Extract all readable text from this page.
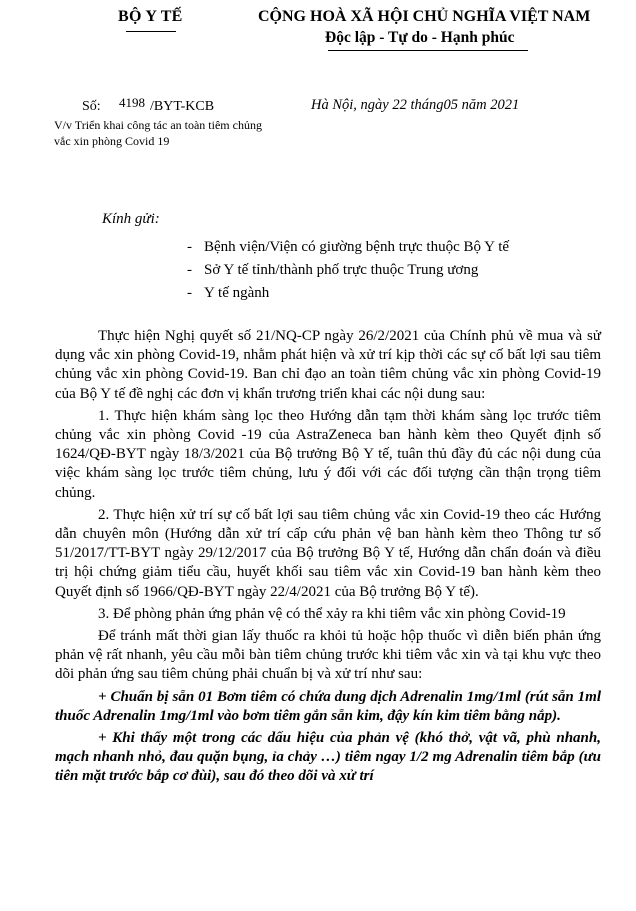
BỘ Y TẾ	CỘNG HOÀ XÃ HỘI CHỦ NGHĨA VIỆT NAM
Độc lập - Tự do - Hạnh phúc
Số: 4198 /BYT-KCB
V/v Triển khai công tác an toàn tiêm chủng vắc xin phòng Covid 19
Hà Nội, ngày 22 tháng05 năm 2021
Kính gửi:
- Bệnh viện/Viện có giường bệnh trực thuộc Bộ Y tế
- Sở Y tế tỉnh/thành phố trực thuộc Trung ương
- Y tế ngành

Thực hiện Nghị quyết số 21/NQ-CP ngày 26/2/2021 của Chính phủ về mua và sử dụng vắc xin phòng Covid-19, nhằm phát hiện và xử trí kịp thời các sự cố bất lợi sau tiêm chủng vắc xin phòng Covid-19. Ban chỉ đạo an toàn tiêm chủng vắc xin phòng Covid-19 của Bộ Y tế đề nghị các đơn vị khẩn trương triển khai các nội dung sau:

1. Thực hiện khám sàng lọc theo Hướng dẫn tạm thời khám sàng lọc trước tiêm chủng vắc xin phòng Covid -19 của AstraZeneca ban hành kèm theo Quyết định số 1624/QĐ-BYT ngày 18/3/2021 của Bộ trưởng Bộ Y tế, tuân thủ đầy đủ các nội dung của việc khám sàng lọc trước tiêm chủng, lưu ý đối với các đối tượng cần thận trọng tiêm chủng.

2. Thực hiện xử trí sự cố bất lợi sau tiêm chủng vắc xin Covid-19 theo các Hướng dẫn chuyên môn (Hướng dẫn xử trí cấp cứu phản vệ ban hành kèm theo Thông tư số 51/2017/TT-BYT ngày 29/12/2017 của Bộ trưởng Bộ Y tế, Hướng dẫn chẩn đoán và điều trị hội chứng giảm tiểu cầu, huyết khối sau tiêm vắc xin Covid-19 ban hành kèm theo Quyết định số 1966/QĐ-BYT ngày 22/4/2021 của Bộ trưởng Bộ Y tế).

3. Để phòng phản ứng phản vệ có thể xảy ra khi tiêm vắc xin phòng Covid-19

Để tránh mất thời gian lấy thuốc ra khỏi tủ hoặc hộp thuốc vì diễn biến phản ứng phản vệ rất nhanh, yêu cầu mỗi bàn tiêm chủng trước khi tiêm vắc xin và tại khu vực theo dõi phản ứng sau tiêm chủng phải chuẩn bị và xử trí như sau:

+ Chuẩn bị sẵn 01 Bơm tiêm có chứa dung dịch Adrenalin 1mg/1ml (rút sẵn 1ml thuốc Adrenalin 1mg/1ml vào bơm tiêm gắn sẵn kim, đậy kín kim tiêm bằng nắp).

+ Khi thấy một trong các dấu hiệu của phản vệ (khó thở, vật vã, phù nhanh, mạch nhanh nhỏ, đau quặn bụng, ỉa chảy …) tiêm ngay 1/2 mg Adrenalin tiêm bắp (ưu tiên mặt trước bắp cơ đùi), sau đó theo dõi và xử trí
